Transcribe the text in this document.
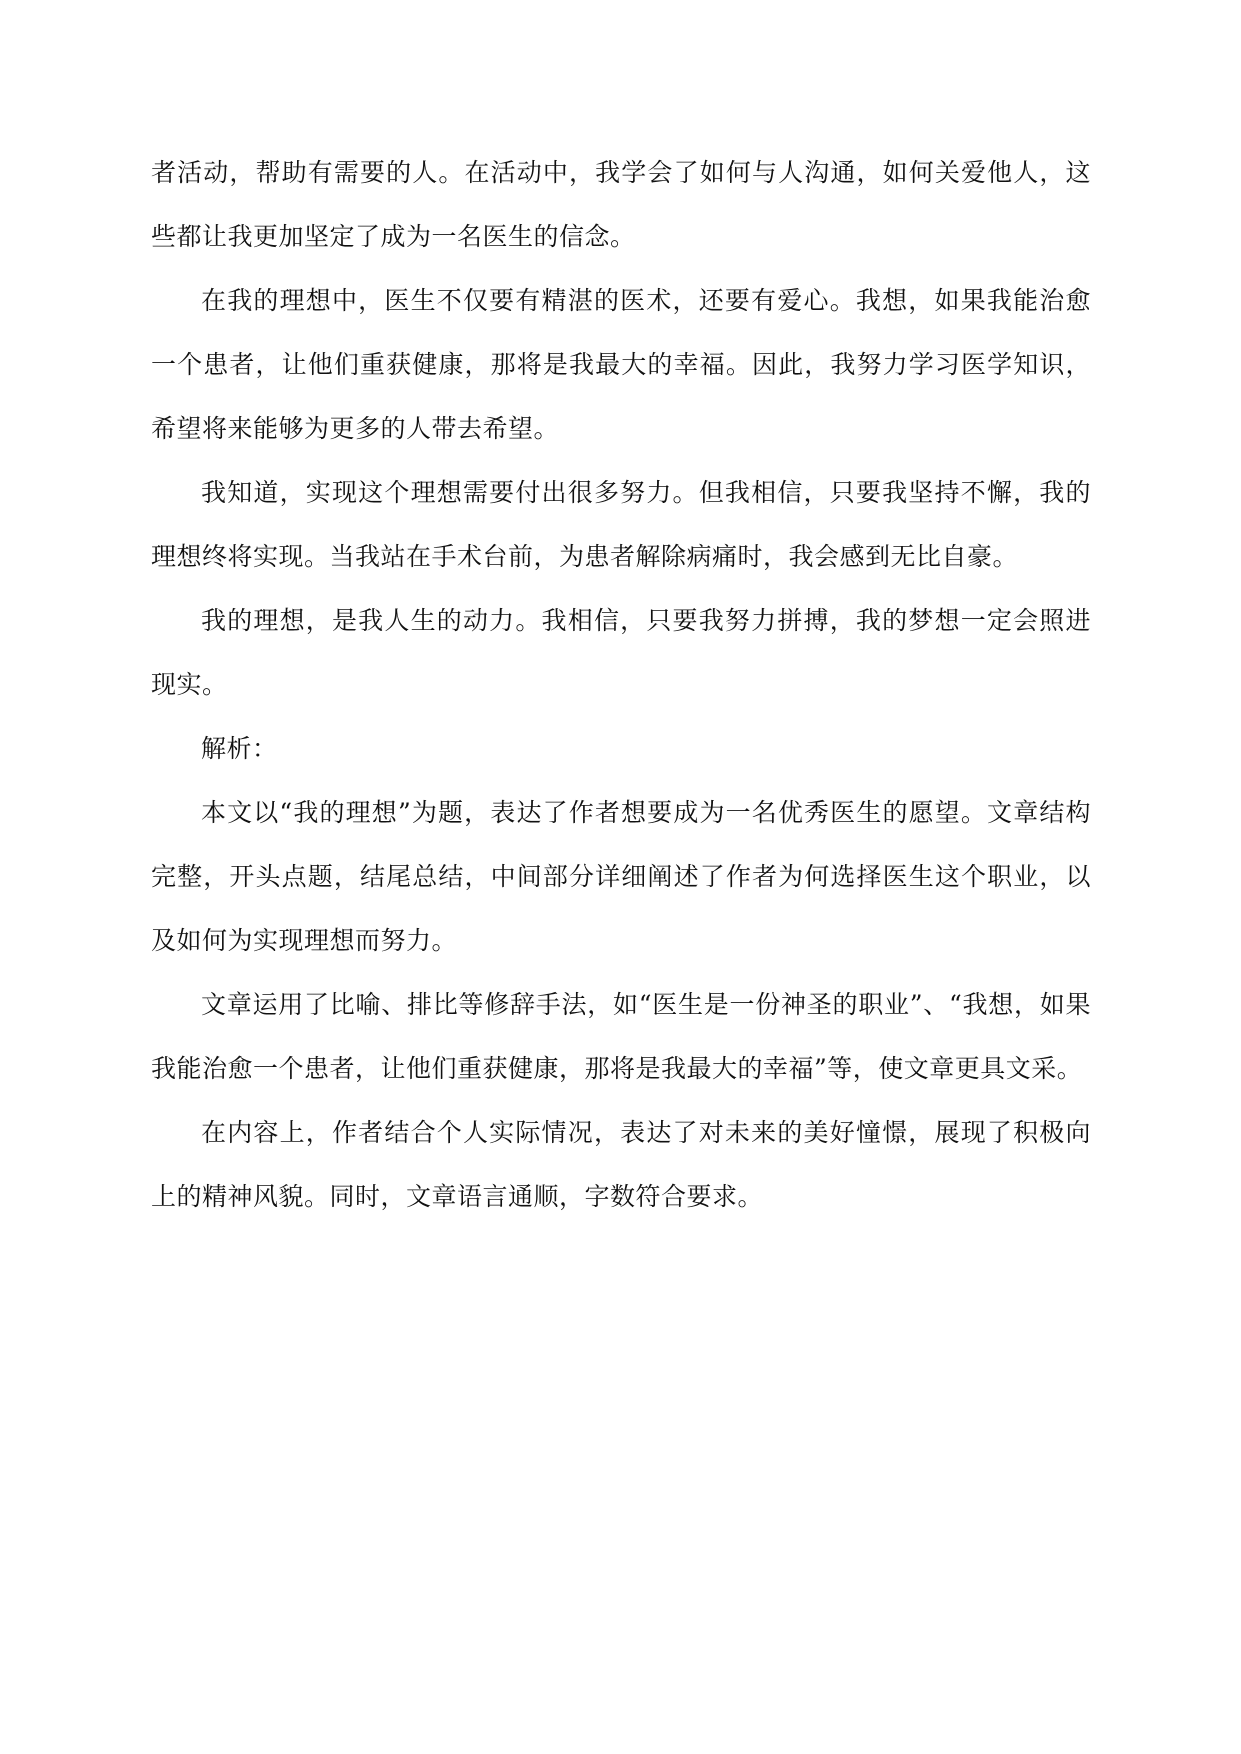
者活动，帮助有需要的人。在活动中，我学会了如何与人沟通，如何关爱他人，这些都让我更加坚定了成为一名医生的信念。

在我的理想中，医生不仅要有精湛的医术，还要有爱心。我想，如果我能治愈一个患者，让他们重获健康，那将是我最大的幸福。因此，我努力学习医学知识，希望将来能够为更多的人带去希望。

我知道，实现这个理想需要付出很多努力。但我相信，只要我坚持不懈，我的理想终将实现。当我站在手术台前，为患者解除病痛时，我会感到无比自豪。

我的理想，是我人生的动力。我相信，只要我努力拼搏，我的梦想一定会照进现实。

解析：

本文以“我的理想”为题，表达了作者想要成为一名优秀医生的愿望。文章结构完整，开头点题，结尾总结，中间部分详细阐述了作者为何选择医生这个职业，以及如何为实现理想而努力。

文章运用了比喻、排比等修辞手法，如“医生是一份神圣的职业”、“我想，如果我能治愈一个患者，让他们重获健康，那将是我最大的幸福”等，使文章更具文采。

在内容上，作者结合个人实际情况，表达了对未来的美好憧憬，展现了积极向上的精神风貌。同时，文章语言通顺，字数符合要求。
